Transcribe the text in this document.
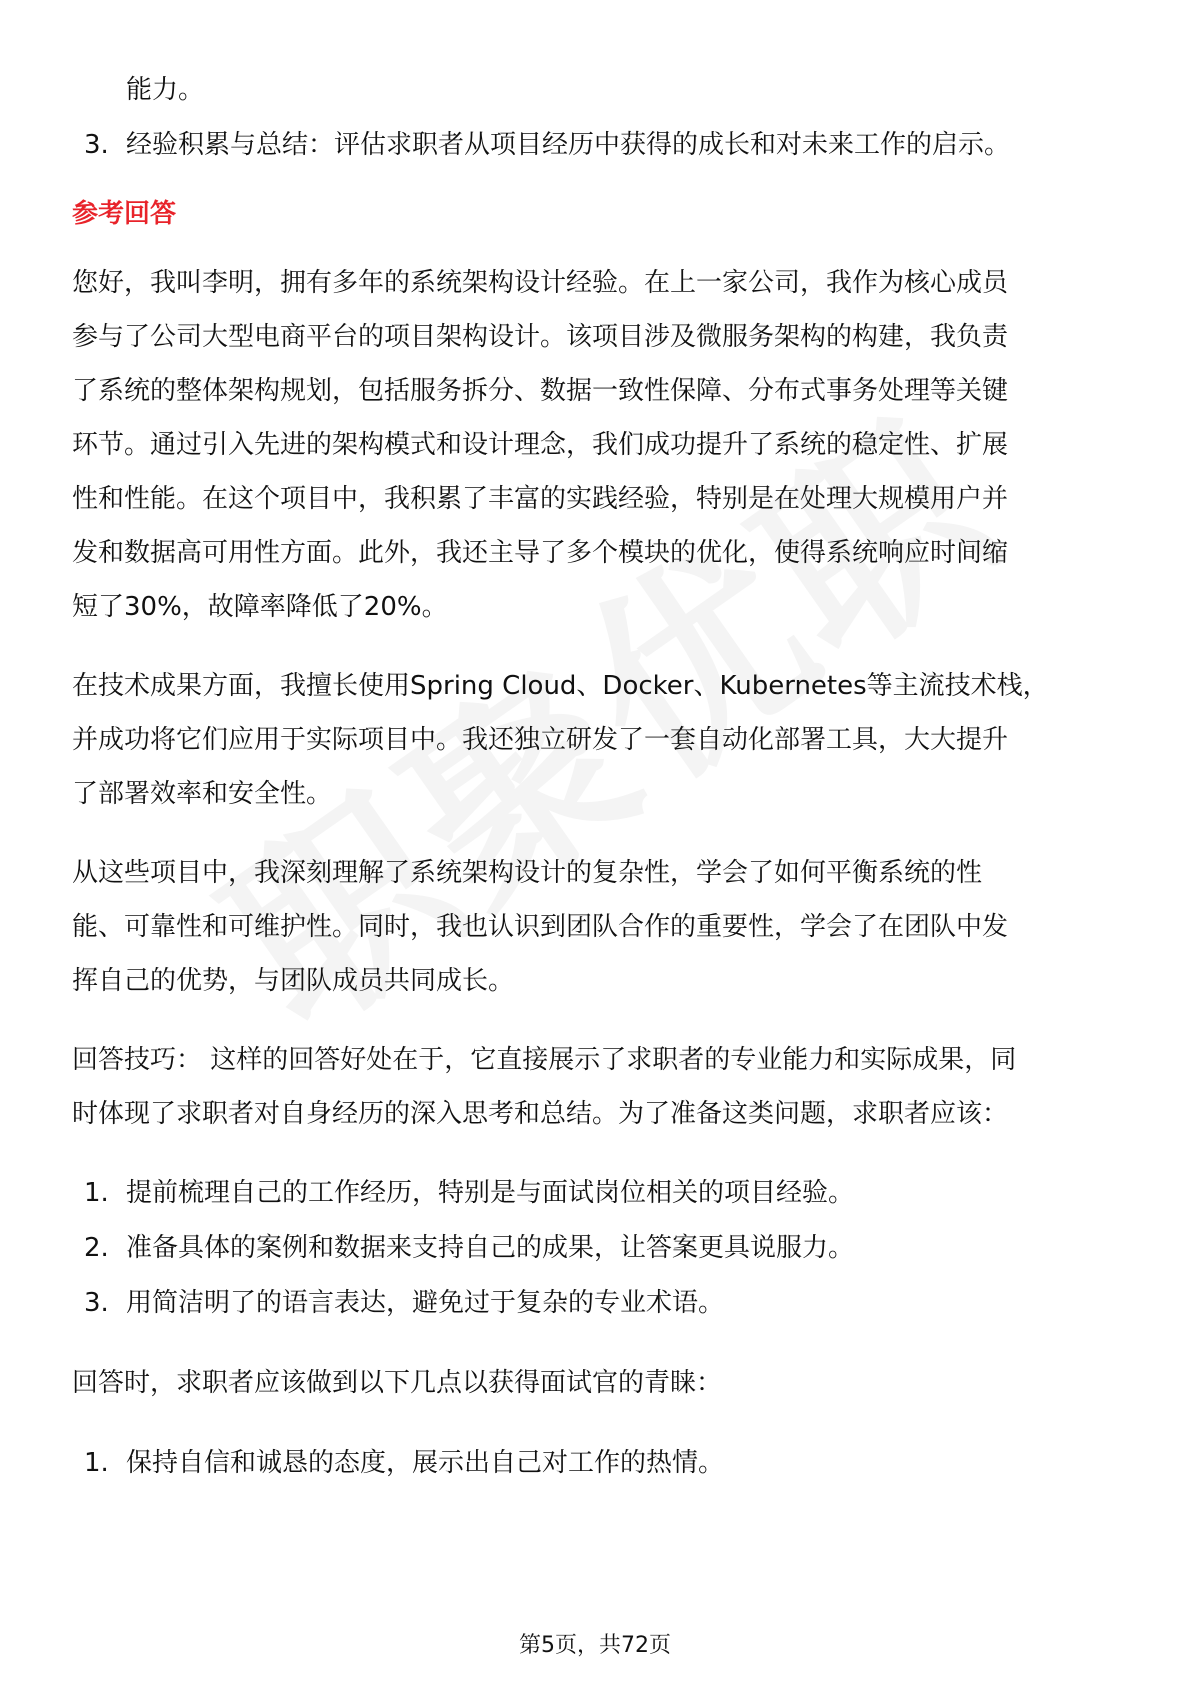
能力。
3. 经验积累与总结：评估求职者从项目经历中获得的成长和对未来工作的启示。
参考回答
您好，我叫李明，拥有多年的系统架构设计经验。在上一家公司，我作为核心成员
参与了公司大型电商平台的项目架构设计。该项目涉及微服务架构的构建，我负责
了系统的整体架构规划，包括服务拆分、数据一致性保障、分布式事务处理等关键
环节。通过引入先进的架构模式和设计理念，我们成功提升了系统的稳定性、扩展
性和性能。在这个项目中，我积累了丰富的实践经验，特别是在处理大规模用户并
发和数据高可用性方面。此外，我还主导了多个模块的优化，使得系统响应时间缩
短了30%，故障率降低了20%。
在技术成果方面，我擅长使用Spring Cloud、Docker、Kubernetes等主流技术栈，
并成功将它们应用于实际项目中。我还独立研发了一套自动化部署工具，大大提升
了部署效率和安全性。
从这些项目中，我深刻理解了系统架构设计的复杂性，学会了如何平衡系统的性
能、可靠性和可维护性。同时，我也认识到团队合作的重要性，学会了在团队中发
挥自己的优势，与团队成员共同成长。
回答技巧： 这样的回答好处在于，它直接展示了求职者的专业能力和实际成果，同
时体现了求职者对自身经历的深入思考和总结。为了准备这类问题，求职者应该：
1. 提前梳理自己的工作经历，特别是与面试岗位相关的项目经验。
2. 准备具体的案例和数据来支持自己的成果，让答案更具说服力。
3. 用简洁明了的语言表达，避免过于复杂的专业术语。
回答时，求职者应该做到以下几点以获得面试官的青睐：
1. 保持自信和诚恳的态度，展示出自己对工作的热情。
第5页，共72页
